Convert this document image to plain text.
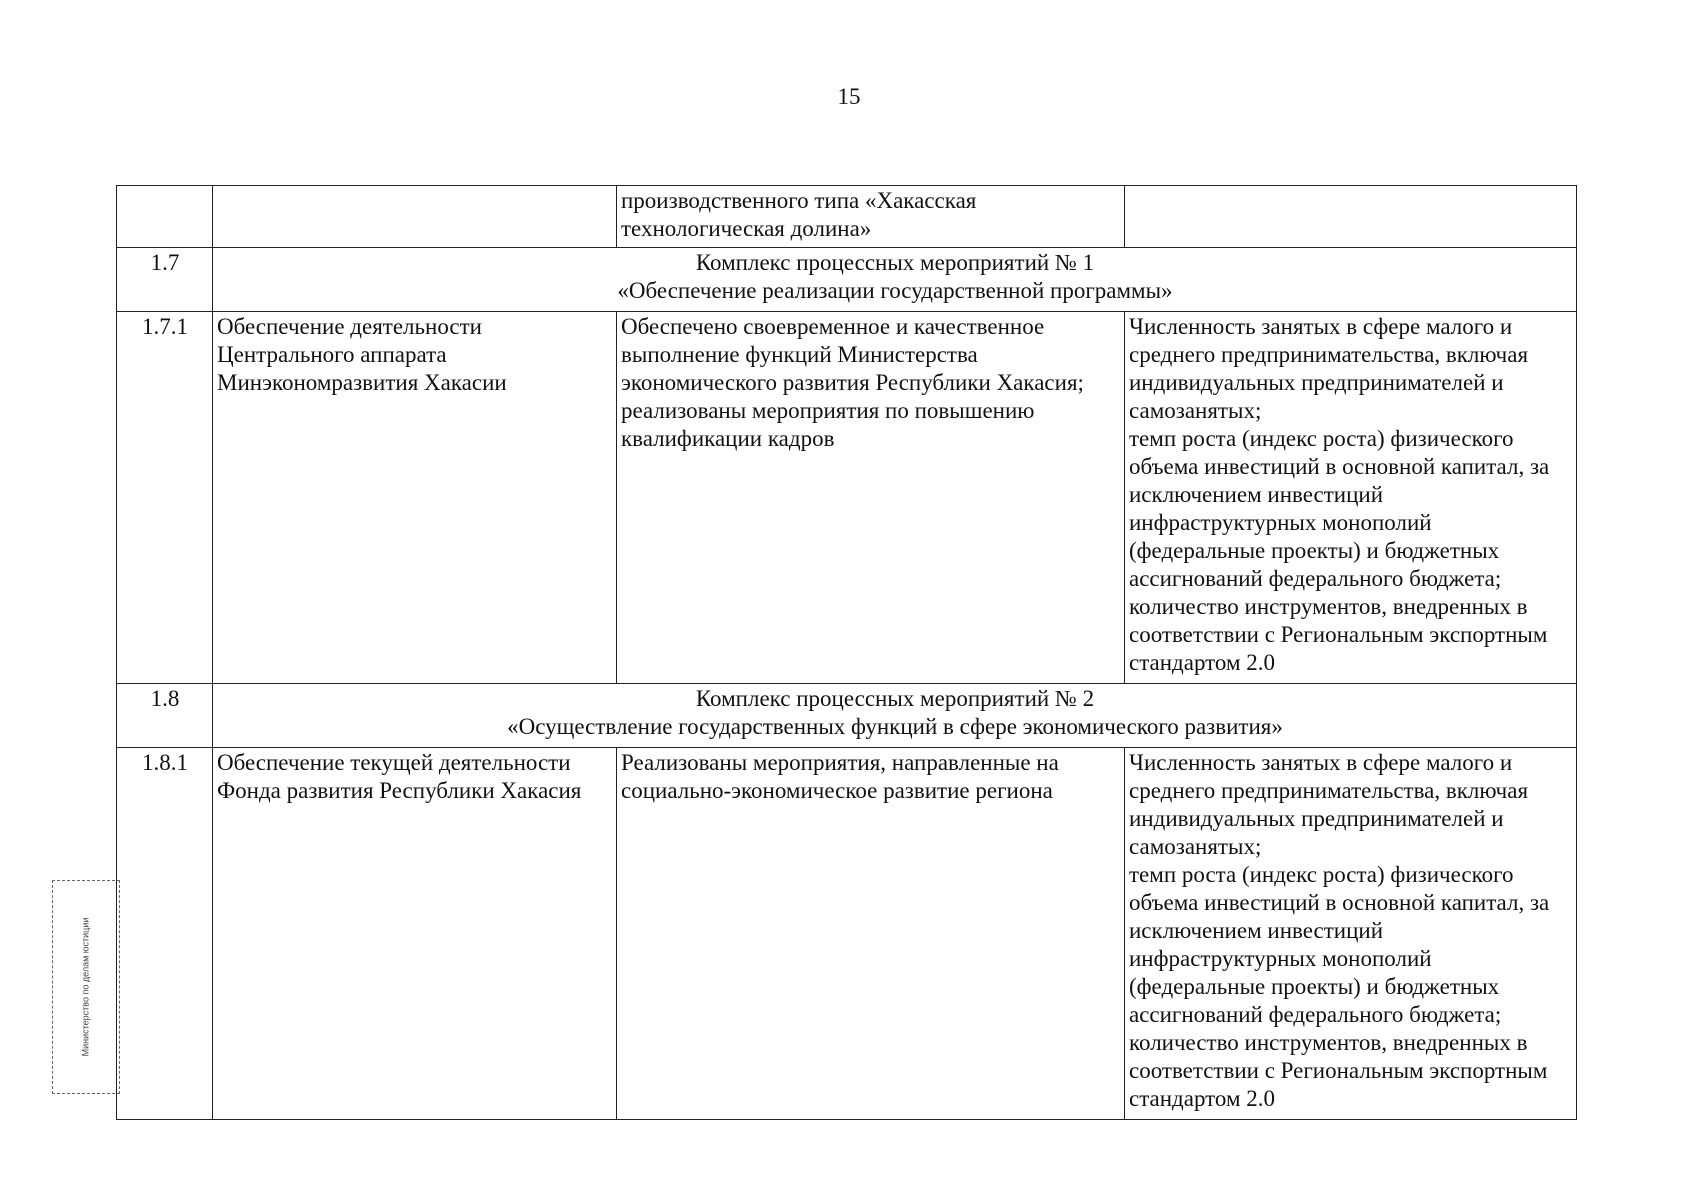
15
		производственного типа «Хакасская технологическая долина»	
1.7	Комплекс процессных мероприятий № 1
«Обеспечение реализации государственной программы»		
1.7.1	Обеспечение деятельности Центрального аппарата Минэкономразвития Хакасии	Обеспечено своевременное и качественное выполнение функций Министерства экономического развития Республики Хакасия; реализованы мероприятия по повышению квалификации кадров	Численность занятых в сфере малого и среднего предпринимательства, включая индивидуальных предпринимателей и самозанятых;
темп роста (индекс роста) физического объема инвестиций в основной капитал, за исключением инвестиций инфраструктурных монополий (федеральные проекты) и бюджетных ассигнований федерального бюджета;
количество инструментов, внедренных в соответствии с Региональным экспортным стандартом 2.0
1.8	Комплекс процессных мероприятий № 2
«Осуществление государственных функций в сфере экономического развития»		
1.8.1	Обеспечение текущей деятельности Фонда развития Республики Хакасия	Реализованы мероприятия, направленные на социально-экономическое развитие региона	Численность занятых в сфере малого и среднего предпринимательства, включая индивидуальных предпринимателей и самозанятых;
темп роста (индекс роста) физического объема инвестиций в основной капитал, за исключением инвестиций инфраструктурных монополий (федеральные проекты) и бюджетных ассигнований федерального бюджета;
количество инструментов, внедренных в соответствии с Региональным экспортным стандартом 2.0
Министерство по делам юстиции
